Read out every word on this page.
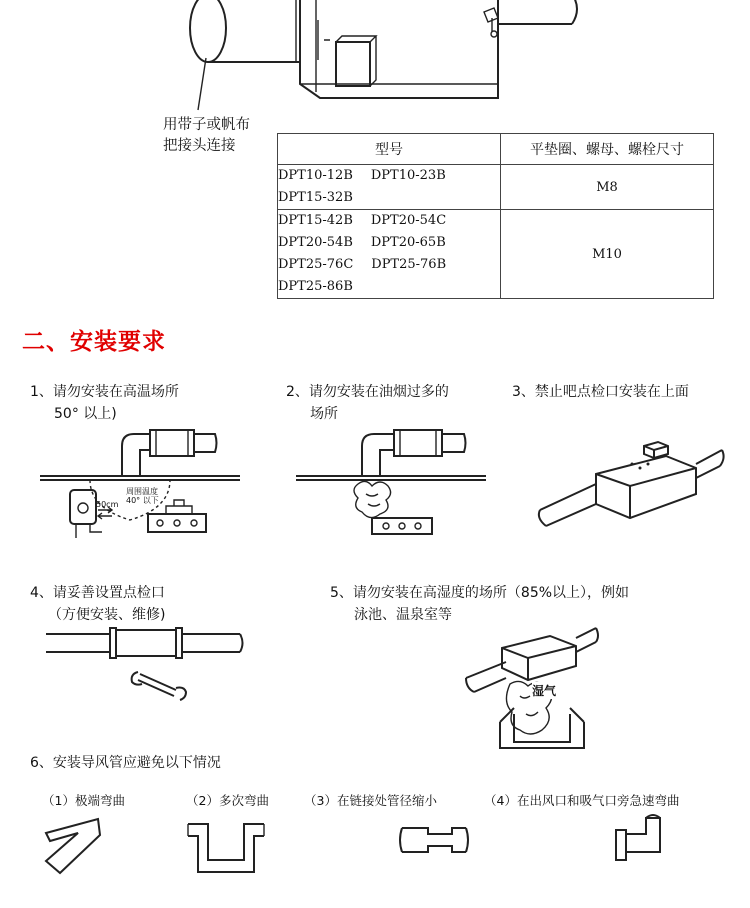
用带子或帆布
把接头连接	型号	平垫圈、螺母、螺栓尺寸
DPT10-12B DPT10-23B
DPT15-32B	M8
DPT15-42B DPT20-54C
DPT20-54B DPT20-65B
DPT25-76C DPT25-76B
DPT25-86B	M10
二、安装要求
1、请勿安装在高温场所
50° 以上)
周围温度
40° 以下
50cm
2、请勿安装在油烟过多的
场所
3、禁止吧点检口安装在上面
4、请妥善设置点检口
（方便安装、维修)
5、请勿安装在高湿度的场所（85%以上），例如
泳池、温泉室等
湿气
6、安装导风管应避免以下情况
（1）极端弯曲	（2）多次弯曲	（3）在链接处管径缩小	（4）在出风口和吸气口旁急速弯曲
